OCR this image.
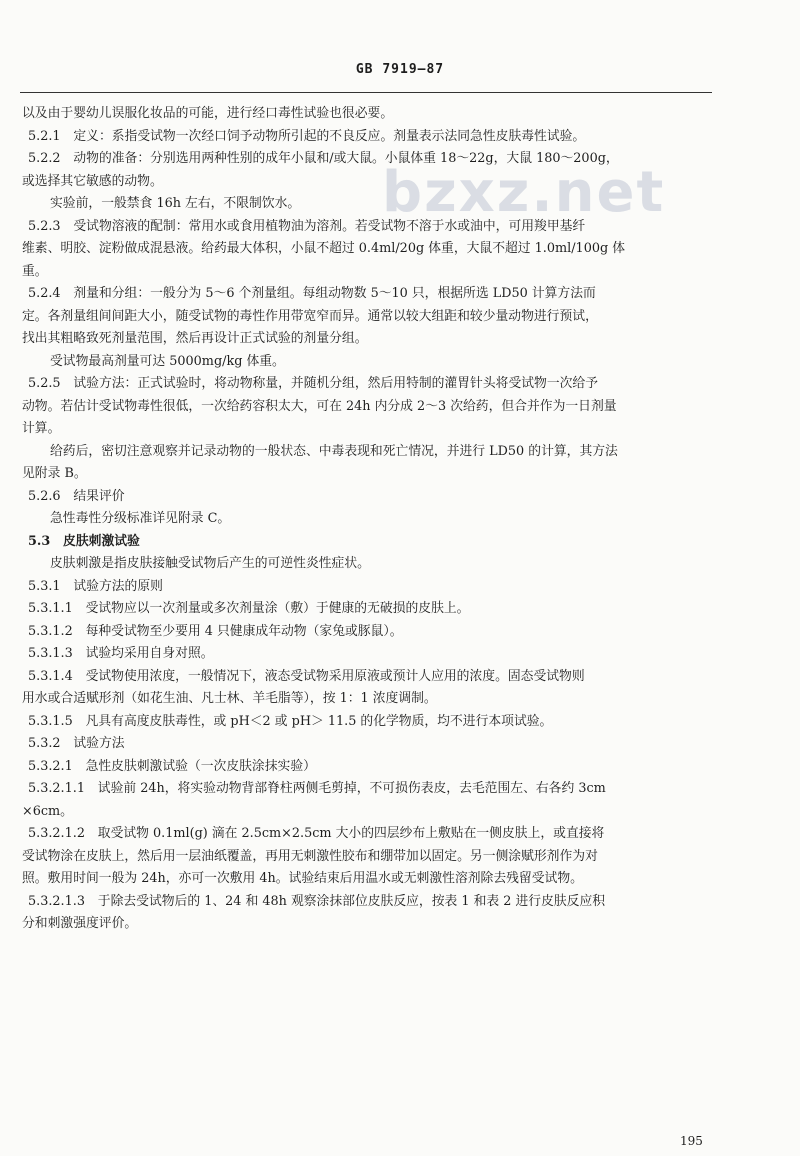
GB 7919—87
bzxz.net
以及由于婴幼儿误服化妆品的可能，进行经口毒性试验也很必要。
5.2.1　定义：系指受试物一次经口饲予动物所引起的不良反应。剂量表示法同急性皮肤毒性试验。
5.2.2　动物的准备：分别选用两种性别的成年小鼠和/或大鼠。小鼠体重 18～22g，大鼠 180～200g，
或选择其它敏感的动物。
实验前，一般禁食 16h 左右，不限制饮水。
5.2.3　受试物溶液的配制：常用水或食用植物油为溶剂。若受试物不溶于水或油中，可用羧甲基纤
维素、明胶、淀粉做成混悬液。给药最大体积，小鼠不超过 0.4ml/20g 体重，大鼠不超过 1.0ml/100g 体
重。
5.2.4　剂量和分组：一般分为 5～6 个剂量组。每组动物数 5～10 只，根据所选 LD50 计算方法而
定。各剂量组间间距大小，随受试物的毒性作用带宽窄而异。通常以较大组距和较少量动物进行预试，
找出其粗略致死剂量范围，然后再设计正式试验的剂量分组。
受试物最高剂量可达 5000mg/kg 体重。
5.2.5　试验方法：正式试验时，将动物称量，并随机分组，然后用特制的灌胃针头将受试物一次给予
动物。若估计受试物毒性很低，一次给药容积太大，可在 24h 内分成 2～3 次给药，但合并作为一日剂量
计算。
给药后，密切注意观察并记录动物的一般状态、中毒表现和死亡情况，并进行 LD50 的计算，其方法
见附录 B。
5.2.6　结果评价
急性毒性分级标准详见附录 C。
5.3　皮肤刺激试验
皮肤刺激是指皮肤接触受试物后产生的可逆性炎性症状。
5.3.1　试验方法的原则
5.3.1.1　受试物应以一次剂量或多次剂量涂（敷）于健康的无破损的皮肤上。
5.3.1.2　每种受试物至少要用 4 只健康成年动物（家兔或豚鼠）。
5.3.1.3　试验均采用自身对照。
5.3.1.4　受试物使用浓度，一般情况下，液态受试物采用原液或预计人应用的浓度。固态受试物则
用水或合适赋形剂（如花生油、凡士林、羊毛脂等），按 1：1 浓度调制。
5.3.1.5　凡具有高度皮肤毒性，或 pH＜2 或 pH＞ 11.5 的化学物质，均不进行本项试验。
5.3.2　试验方法
5.3.2.1　急性皮肤刺激试验（一次皮肤涂抹实验）
5.3.2.1.1　试验前 24h，将实验动物背部脊柱两侧毛剪掉，不可损伤表皮，去毛范围左、右各约 3cm
×6cm。
5.3.2.1.2　取受试物 0.1ml(g) 滴在 2.5cm×2.5cm 大小的四层纱布上敷贴在一侧皮肤上，或直接将
受试物涂在皮肤上，然后用一层油纸覆盖，再用无刺激性胶布和绷带加以固定。另一侧涂赋形剂作为对
照。敷用时间一般为 24h，亦可一次敷用 4h。试验结束后用温水或无刺激性溶剂除去残留受试物。
5.3.2.1.3　于除去受试物后的 1、24 和 48h 观察涂抹部位皮肤反应，按表 1 和表 2 进行皮肤反应积
分和刺激强度评价。
195
